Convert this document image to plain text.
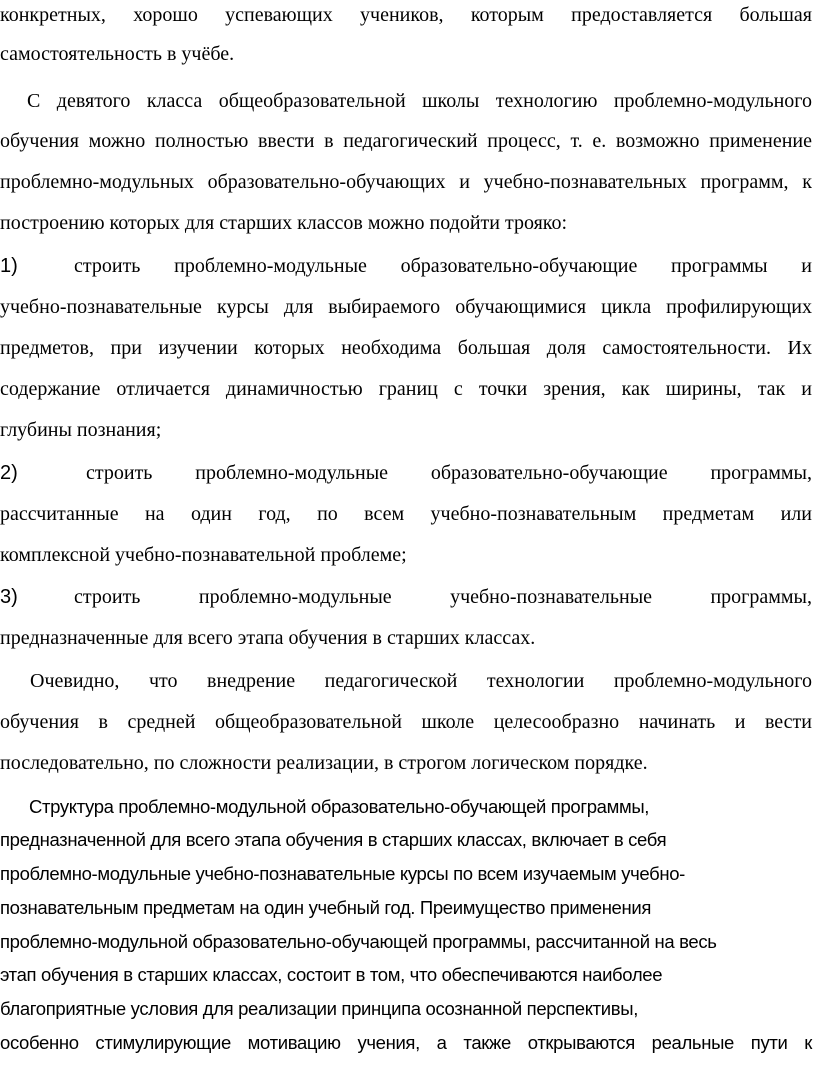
конкретных, хорошо успевающих учеников, которым предоставляется большая
самостоятельность в учёбе.
С девятого класса общеобразовательной школы технологию проблемно-модульного
обучения можно полностью ввести в педагогический процесс, т. е. возможно применение
проблемно-модульных образовательно-обучающих и учебно-познавательных программ, к
построению которых для старших классов можно подойти трояко:
1)	строить проблемно-модульные образовательно-обучающие программы и
учебно-познавательные курсы для выбираемого обучающимися цикла профилирующих
предметов, при изучении которых необходима большая доля самостоятельности. Их
содержание отличается динамичностью границ с точки зрения, как ширины, так и
глубины познания;
2)	строить проблемно-модульные образовательно-обучающие программы,
рассчитанные на один год, по всем учебно-познавательным предметам или
комплексной учебно-познавательной проблеме;
3)	строить проблемно-модульные учебно-познавательные программы,
предназначенные для всего этапа обучения в старших классах.
Очевидно, что внедрение педагогической технологии проблемно-модульного
обучения в средней общеобразовательной школе целесообразно начинать и вести
последовательно, по сложности реализации, в строгом логическом порядке.
Структура проблемно-модульной образовательно-обучающей программы,
предназначенной для всего этапа обучения в старших классах, включает в себя
проблемно-модульные учебно-познавательные курсы по всем изучаемым учебно-
познавательным предметам на один учебный год. Преимущество применения
проблемно-модульной образовательно-обучающей программы, рассчитанной на весь
этап обучения в старших классах, состоит в том, что обеспечиваются наиболее
благоприятные условия для реализации принципа осознанной перспективы,
особенно стимулирующие мотивацию учения, а также открываются реальные пути к
